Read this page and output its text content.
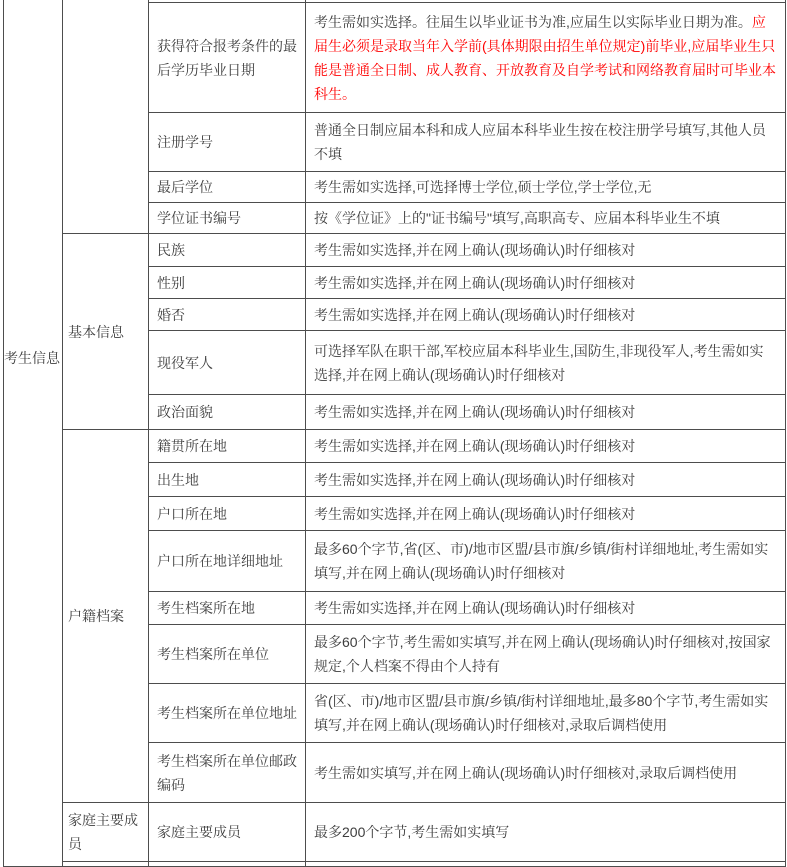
考生信息			

		获得符合报考条件的最后学历毕业日期	考生需如实选择。往届生以毕业证书为准,应届生以实际毕业日期为准。应届生必须是录取当年入学前(具体期限由招生单位规定)前毕业,应届毕业生只能是普通全日制、成人教育、开放教育及自学考试和网络教育届时可毕业本科生。
		注册学号	普通全日制应届本科和成人应届本科毕业生按在校注册学号填写,其他人员不填
		最后学位	考生需如实选择,可选择博士学位,硕士学位,学士学位,无
		学位证书编号	按《学位证》上的"证书编号"填写,高职高专、应届本科毕业生不填
	基本信息	民族	考生需如实选择,并在网上确认(现场确认)时仔细核对
		性别	考生需如实选择,并在网上确认(现场确认)时仔细核对
		婚否	考生需如实选择,并在网上确认(现场确认)时仔细核对
		现役军人	可选择军队在职干部,军校应届本科毕业生,国防生,非现役军人,考生需如实选择,并在网上确认(现场确认)时仔细核对
		政治面貌	考生需如实选择,并在网上确认(现场确认)时仔细核对
	户籍档案	籍贯所在地	考生需如实选择,并在网上确认(现场确认)时仔细核对
		出生地	考生需如实选择,并在网上确认(现场确认)时仔细核对
		户口所在地	考生需如实选择,并在网上确认(现场确认)时仔细核对
		户口所在地详细地址	最多60个字节,省(区、市)/地市区盟/县市旗/乡镇/街村详细地址,考生需如实填写,并在网上确认(现场确认)时仔细核对
		考生档案所在地	考生需如实选择,并在网上确认(现场确认)时仔细核对
		考生档案所在单位	最多60个字节,考生需如实填写,并在网上确认(现场确认)时仔细核对,按国家规定,个人档案不得由个人持有
		考生档案所在单位地址	省(区、市)/地市区盟/县市旗/乡镇/街村详细地址,最多80个字节,考生需如实填写,并在网上确认(现场确认)时仔细核对,录取后调档使用
		考生档案所在单位邮政编码	考生需如实填写,并在网上确认(现场确认)时仔细核对,录取后调档使用
	家庭主要成员	家庭主要成员	最多200个字节,考生需如实填写
